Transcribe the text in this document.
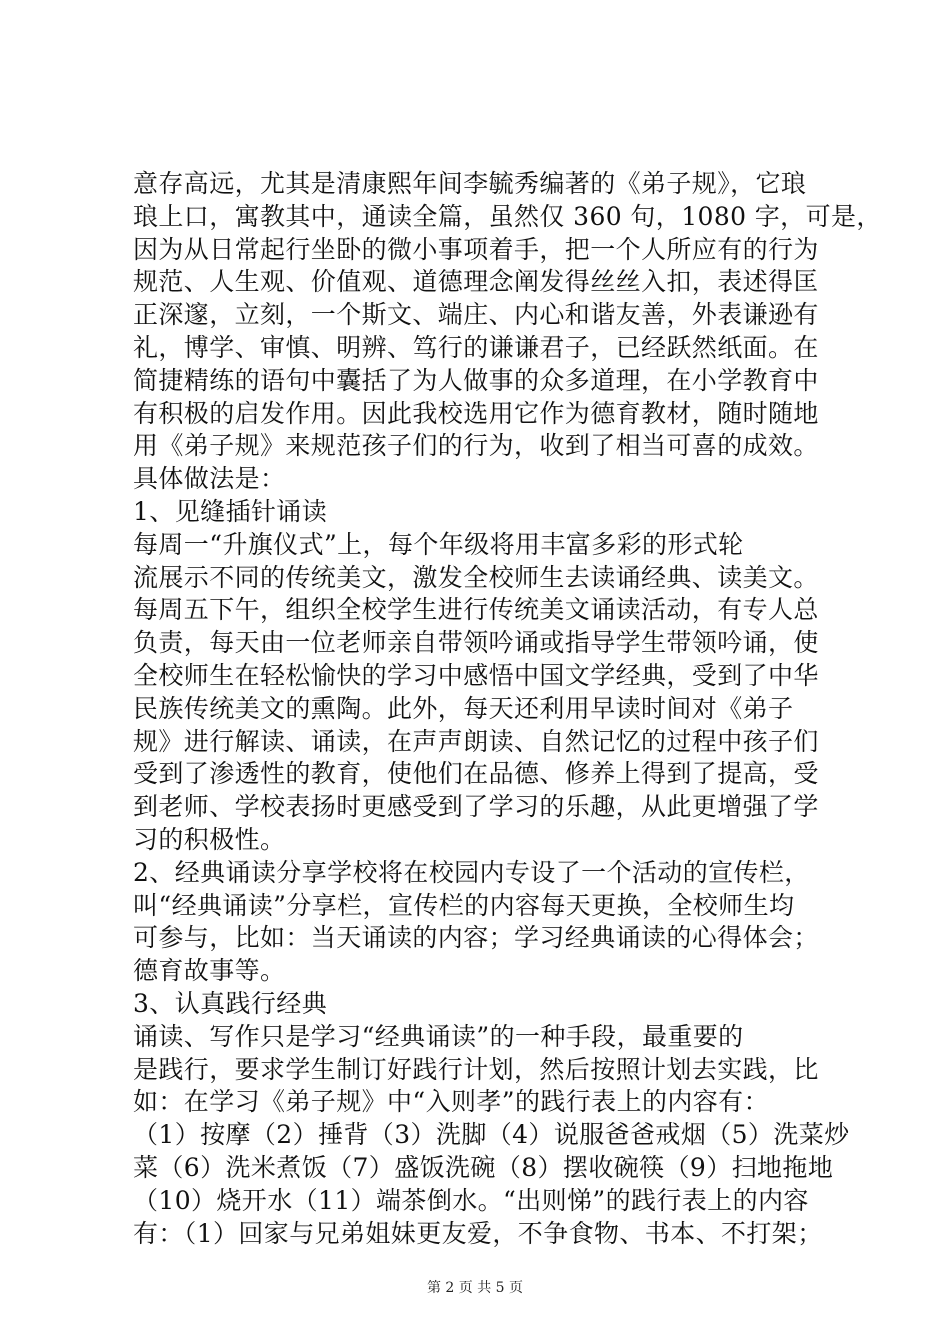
意存高远，尤其是清康熙年间李毓秀编著的《弟子规》，它琅
琅上口，寓教其中，通读全篇，虽然仅 360 句，1080 字，可是，
因为从日常起行坐卧的微小事项着手，把一个人所应有的行为
规范、人生观、价值观、道德理念阐发得丝丝入扣，表述得匡
正深邃，立刻，一个斯文、端庄、内心和谐友善，外表谦逊有
礼，博学、审慎、明辨、笃行的谦谦君子，已经跃然纸面。在
简捷精练的语句中囊括了为人做事的众多道理，在小学教育中
有积极的启发作用。因此我校选用它作为德育教材，随时随地
用《弟子规》来规范孩子们的行为，收到了相当可喜的成效。
具体做法是：
1、见缝插针诵读
每周一“升旗仪式”上，每个年级将用丰富多彩的形式轮
流展示不同的传统美文，激发全校师生去读诵经典、读美文。
每周五下午，组织全校学生进行传统美文诵读活动，有专人总
负责，每天由一位老师亲自带领吟诵或指导学生带领吟诵，使
全校师生在轻松愉快的学习中感悟中国文学经典，受到了中华
民族传统美文的熏陶。此外，每天还利用早读时间对《弟子
规》进行解读、诵读，在声声朗读、自然记忆的过程中孩子们
受到了渗透性的教育，使他们在品德、修养上得到了提高，受
到老师、学校表扬时更感受到了学习的乐趣，从此更增强了学
习的积极性。
2、经典诵读分享学校将在校园内专设了一个活动的宣传栏，
叫“经典诵读”分享栏，宣传栏的内容每天更换，全校师生均
可参与，比如：当天诵读的内容；学习经典诵读的心得体会；
德育故事等。
3、认真践行经典
诵读、写作只是学习“经典诵读”的一种手段，最重要的
是践行，要求学生制订好践行计划，然后按照计划去实践，比
如：在学习《弟子规》中“入则孝”的践行表上的内容有：
（1）按摩（2）捶背（3）洗脚（4）说服爸爸戒烟（5）洗菜炒
菜（6）洗米煮饭（7）盛饭洗碗（8）摆收碗筷（9）扫地拖地
（10）烧开水（11）端茶倒水。“出则悌”的践行表上的内容
有：（1）回家与兄弟姐妹更友爱，不争食物、书本、不打架；
第 2 页 共 5 页
